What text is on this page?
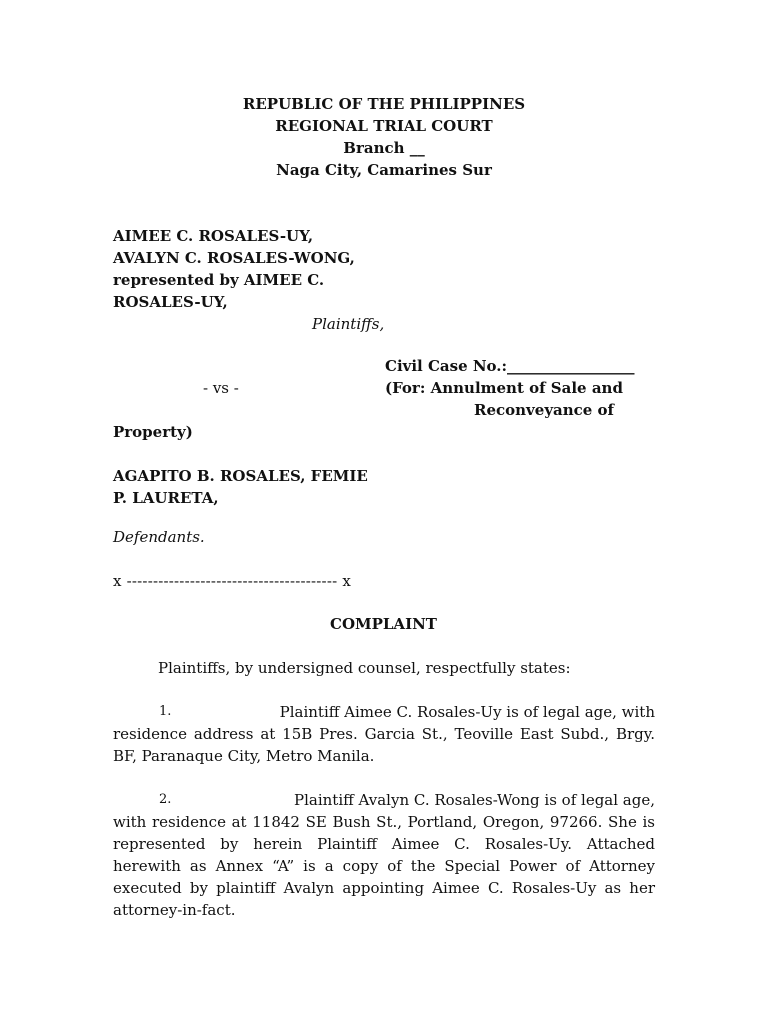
REPUBLIC OF THE PHILIPPINES
REGIONAL TRIAL COURT
Branch __
Naga City, Camarines Sur
AIMEE C. ROSALES-UY,
AVALYN C. ROSALES-WONG,
represented by AIMEE C.
ROSALES-UY,
Plaintiffs,
Civil Case No.:_________________
- vs -	(For: Annulment of Sale and
Reconveyance of
Property)
AGAPITO B. ROSALES, FEMIE
P. LAURETA,
Defendants.
x ---------------------------------------- x
COMPLAINT
Plaintiffs, by undersigned counsel, respectfully states:
1.	Plaintiff Aimee C. Rosales-Uy is of legal age, with
residence address at 15B Pres. Garcia St., Teoville East Subd., Brgy.
BF, Paranaque City, Metro Manila.
2.	Plaintiff Avalyn C. Rosales-Wong is of legal age,
with residence at 11842 SE Bush St., Portland, Oregon, 97266. She is
represented by herein Plaintiff Aimee C. Rosales-Uy. Attached
herewith as Annex “A” is a copy of the Special Power of Attorney
executed by plaintiff Avalyn appointing Aimee C. Rosales-Uy as her
attorney-in-fact.
